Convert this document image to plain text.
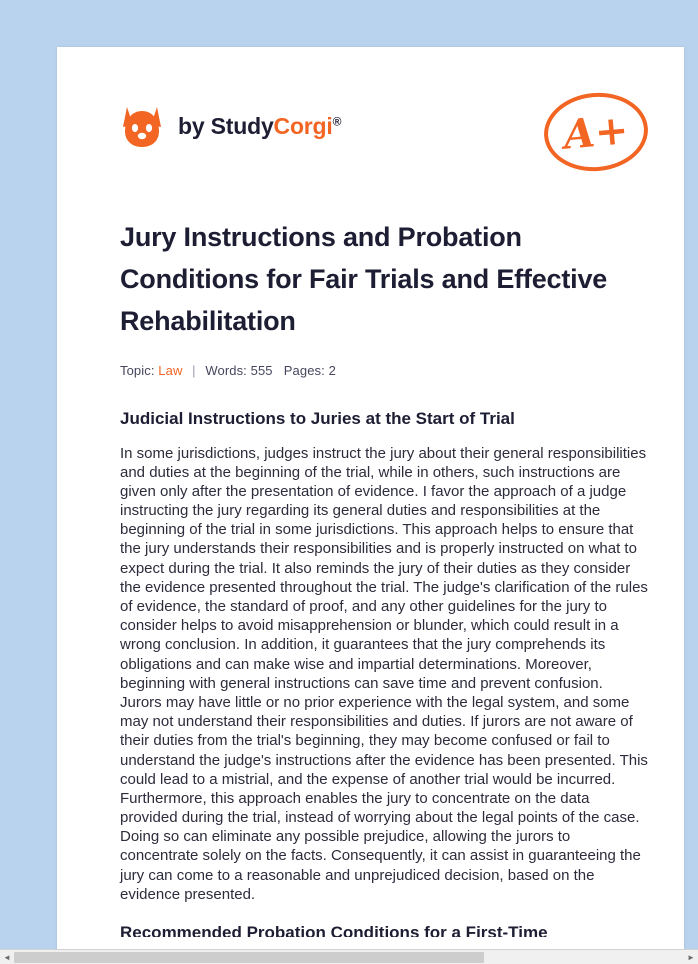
by StudyCorgi®	A+
Jury Instructions and Probation Conditions for Fair Trials and Effective Rehabilitation
Topic: Law | Words: 555 Pages: 2
Judicial Instructions to Juries at the Start of Trial

In some jurisdictions, judges instruct the jury about their general responsibilities and duties at the beginning of the trial, while in others, such instructions are given only after the presentation of evidence. I favor the approach of a judge instructing the jury regarding its general duties and responsibilities at the beginning of the trial in some jurisdictions. This approach helps to ensure that the jury understands their responsibilities and is properly instructed on what to expect during the trial. It also reminds the jury of their duties as they consider the evidence presented throughout the trial. The judge's clarification of the rules of evidence, the standard of proof, and any other guidelines for the jury to consider helps to avoid misapprehension or blunder, which could result in a wrong conclusion. In addition, it guarantees that the jury comprehends its obligations and can make wise and impartial determinations. Moreover, beginning with general instructions can save time and prevent confusion. Jurors may have little or no prior experience with the legal system, and some may not understand their responsibilities and duties. If jurors are not aware of their duties from the trial's beginning, they may become confused or fail to understand the judge's instructions after the evidence has been presented. This could lead to a mistrial, and the expense of another trial would be incurred. Furthermore, this approach enables the jury to concentrate on the data provided during the trial, instead of worrying about the legal points of the case. Doing so can eliminate any possible prejudice, allowing the jurors to concentrate solely on the facts. Consequently, it can assist in guaranteeing the jury can come to a reasonable and unprejudiced decision, based on the evidence presented.

Recommended Probation Conditions for a First-Time
◄	►
